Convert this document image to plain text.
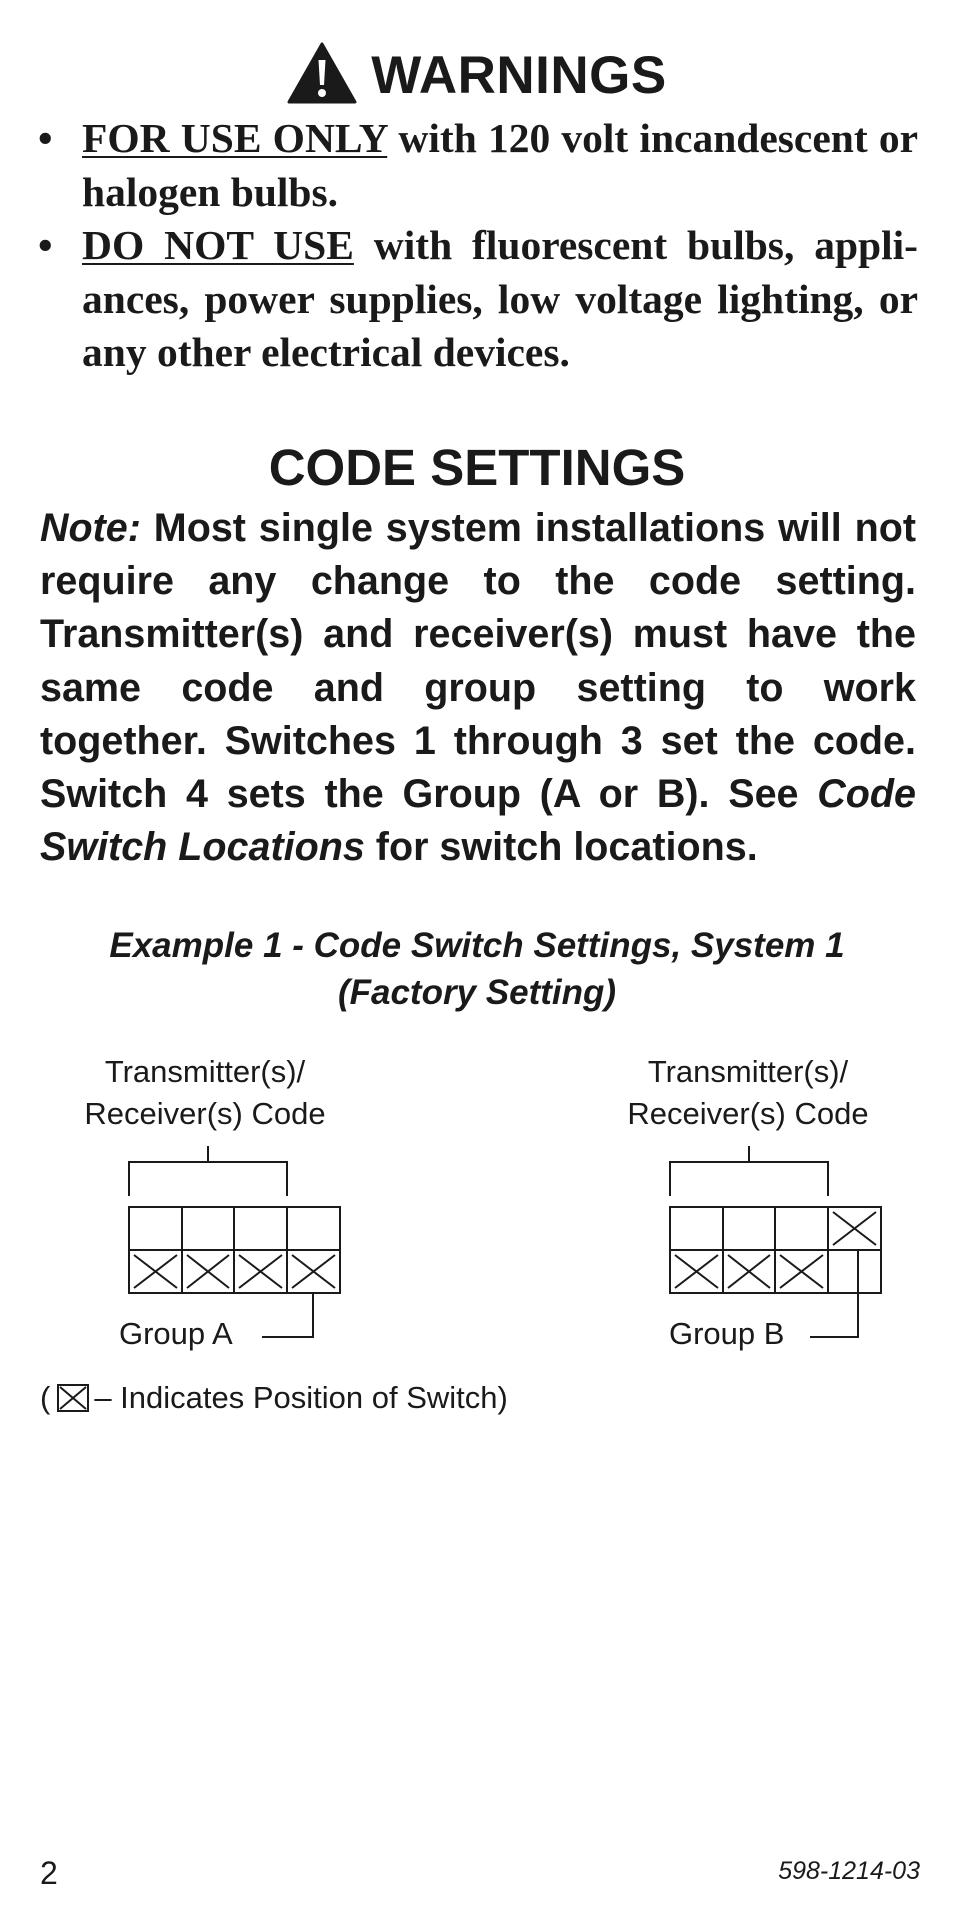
WARNINGS
• FOR USE ONLY with 120 volt incandescent or halogen bulbs.
• DO NOT USE with fluorescent bulbs, appli-ances, power supplies, low voltage lighting, or any other electrical devices.
CODE SETTINGS
Note: Most single system installations will not require any change to the code setting. Transmitter(s) and receiver(s) must have the same code and group setting to work together. Switches 1 through 3 set the code. Switch 4 sets the Group (A or B). See Code Switch Locations for switch locations.
Example 1 - Code Switch Settings, System 1
(Factory Setting)
Transmitter(s)/
Receiver(s) Code
Transmitter(s)/
Receiver(s) Code
Group A	Group B
( – Indicates Position of Switch)
2	598-1214-03
